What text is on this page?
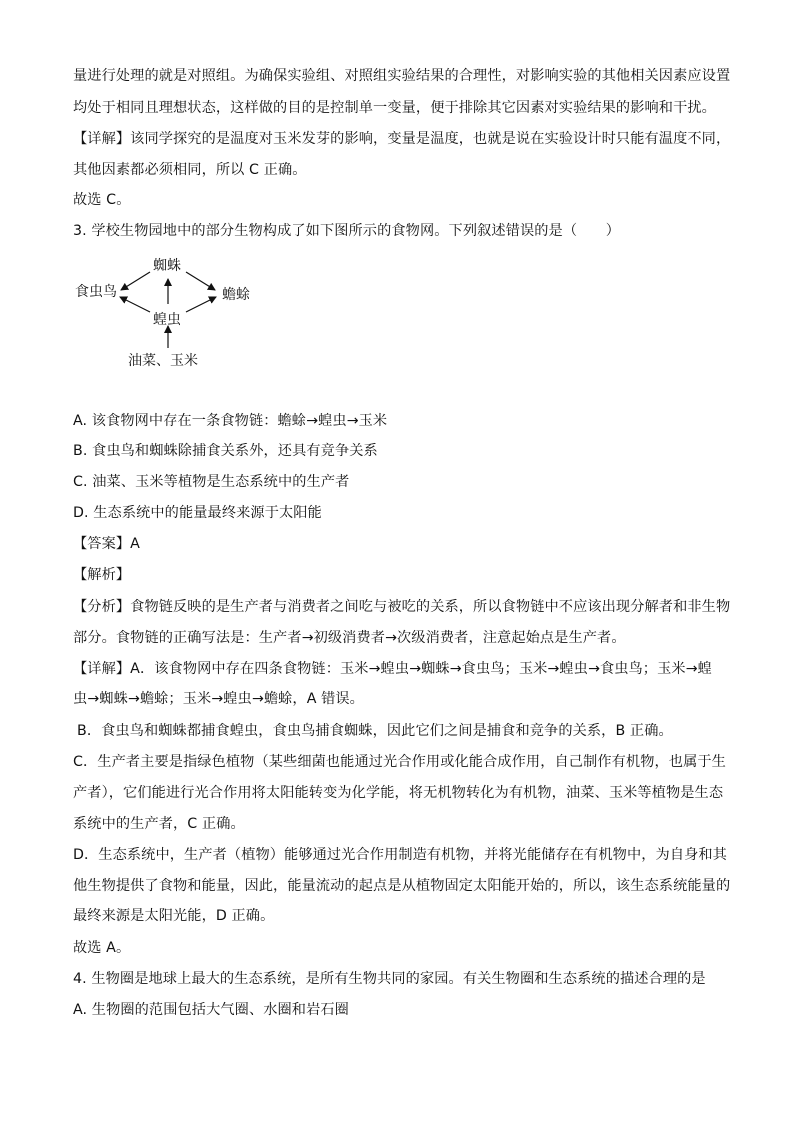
量进行处理的就是对照组。为确保实验组、对照组实验结果的合理性，对影响实验的其他相关因素应设置
均处于相同且理想状态，这样做的目的是控制单一变量，便于排除其它因素对实验结果的影响和干扰。
【详解】该同学探究的是温度对玉米发芽的影响，变量是温度，也就是说在实验设计时只能有温度不同，
其他因素都必须相同，所以 C 正确。
故选 C。
3. 学校生物园地中的部分生物构成了如下图所示的食物网。下列叙述错误的是（　　）
蜘蛛
食虫鸟	蟾蜍
蝗虫
油菜、玉米
A. 该食物网中存在一条食物链：蟾蜍→蝗虫→玉米
B. 食虫鸟和蜘蛛除捕食关系外，还具有竞争关系
C. 油菜、玉米等植物是生态系统中的生产者
D. 生态系统中的能量最终来源于太阳能
【答案】A
【解析】
【分析】食物链反映的是生产者与消费者之间吃与被吃的关系，所以食物链中不应该出现分解者和非生物
部分。食物链的正确写法是：生产者→初级消费者→次级消费者，注意起始点是生产者。
【详解】A．该食物网中存在四条食物链：玉米→蝗虫→蜘蛛→食虫鸟；玉米→蝗虫→食虫鸟；玉米→蝗
虫→蜘蛛→蟾蜍；玉米→蝗虫→蟾蜍，A 错误。
B．食虫鸟和蜘蛛都捕食蝗虫，食虫鸟捕食蜘蛛，因此它们之间是捕食和竞争的关系，B 正确。
C．生产者主要是指绿色植物（某些细菌也能通过光合作用或化能合成作用，自己制作有机物，也属于生
产者），它们能进行光合作用将太阳能转变为化学能，将无机物转化为有机物，油菜、玉米等植物是生态
系统中的生产者，C 正确。
D．生态系统中，生产者（植物）能够通过光合作用制造有机物，并将光能储存在有机物中，为自身和其
他生物提供了食物和能量，因此，能量流动的起点是从植物固定太阳能开始的，所以，该生态系统能量的
最终来源是太阳光能，D 正确。
故选 A。
4. 生物圈是地球上最大的生态系统，是所有生物共同的家园。有关生物圈和生态系统的描述合理的是
A. 生物圈的范围包括大气圈、水圈和岩石圈
